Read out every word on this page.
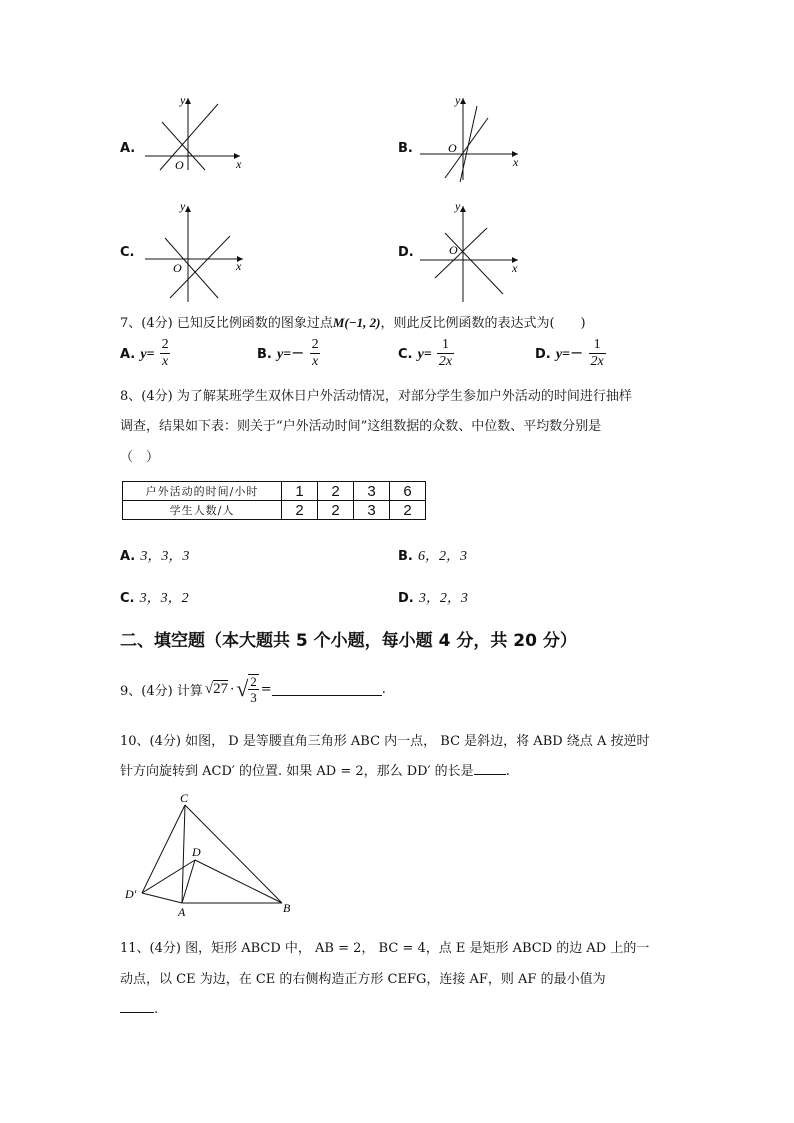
A.
y
O	x
B.
y
O
x
C.
y
O	x
D.
y
O
x
7、(4分) 已知反比例函数的图象过点M(−1, 2)，则此反比例函数的表达式为(　　)
A. $y= \frac{2}{x}$	B. $y=- \frac{2}{x}$	C. $y= \frac{1}{2x}$	D. $y=- \frac{1}{2x}$
8、(4分) 为了解某班学生双休日户外活动情况，对部分学生参加户外活动的时间进行抽样
调查，结果如下表：则关于“户外活动时间”这组数据的众数、中位数、平均数分别是
（　）
户外活动的时间/小时	1	2	3	6
学生人数/人	2	2	3	2
A. 3，3，3	B. 6，2，3
C. 3，3，2	D. 3，2，3
二、填空题（本大题共 5 个小题，每小题 4 分，共 20 分）
9、(4分) 计算 √27 · √ $\frac{2}{3}$ =	.
10、(4分) 如图， D 是等腰直角三角形 ABC 内一点， BC 是斜边，将 ABD 绕点 A 按逆时
针方向旋转到 ACD′ 的位置. 如果 AD = 2，那么 DD′ 的长是 .
C
D
D′
A	B
11、(4分) 图，矩形 ABCD 中， AB = 2， BC = 4，点 E 是矩形 ABCD 的边 AD 上的一
动点，以 CE 为边，在 CE 的右侧构造正方形 CEFG，连接 AF，则 AF 的最小值为
.
